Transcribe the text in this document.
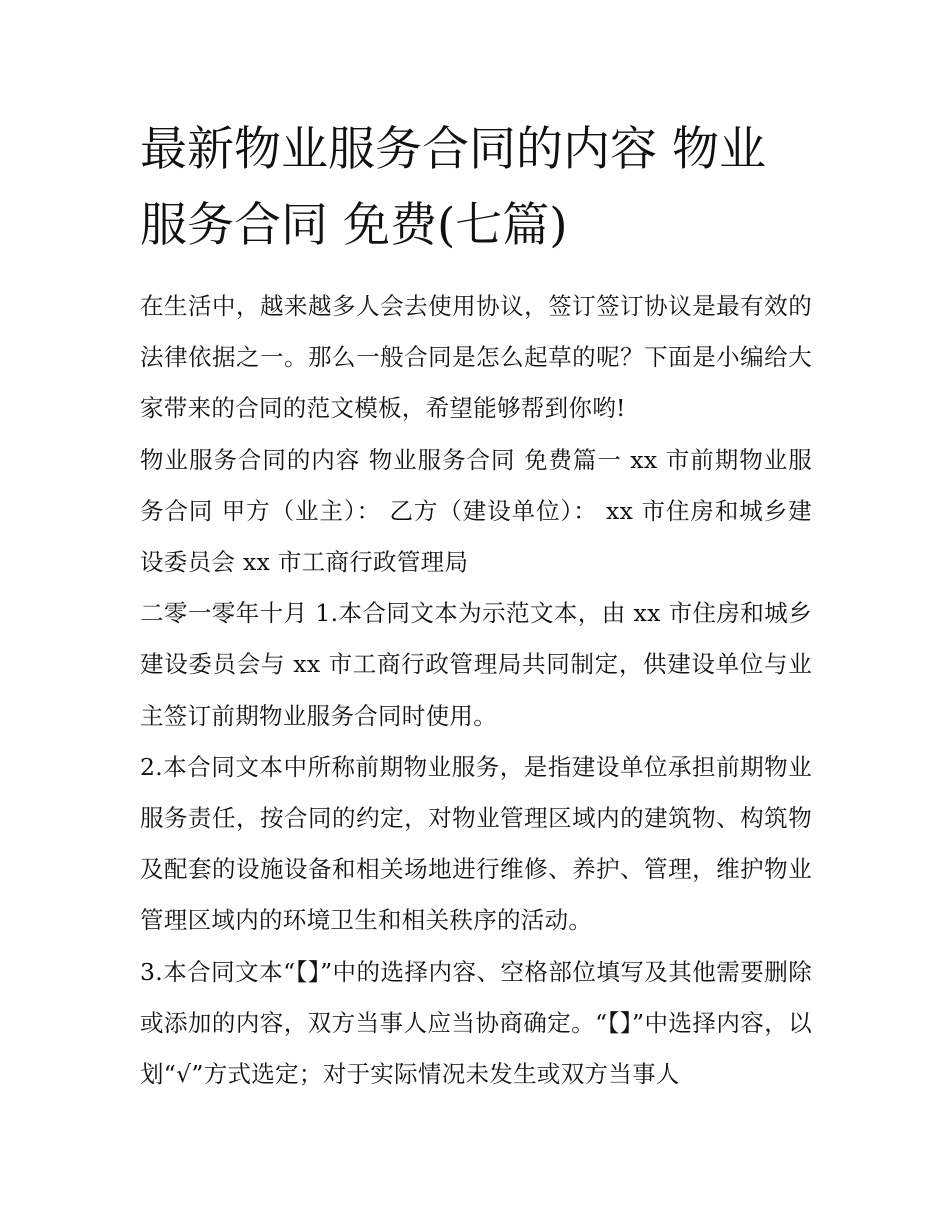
最新物业服务合同的内容 物业服务合同 免费(七篇)

在生活中，越来越多人会去使用协议，签订签订协议是最有效的法律依据之一。那么一般合同是怎么起草的呢？下面是小编给大家带来的合同的范文模板，希望能够帮到你哟!

物业服务合同的内容 物业服务合同 免费篇一 xx 市前期物业服务合同 甲方（业主）： 乙方（建设单位）： xx 市住房和城乡建设委员会 xx 市工商行政管理局

二零一零年十月 1.本合同文本为示范文本，由 xx 市住房和城乡建设委员会与 xx 市工商行政管理局共同制定，供建设单位与业主签订前期物业服务合同时使用。

2.本合同文本中所称前期物业服务，是指建设单位承担前期物业服务责任，按合同的约定，对物业管理区域内的建筑物、构筑物及配套的设施设备和相关场地进行维修、养护、管理，维护物业管理区域内的环境卫生和相关秩序的活动。

3.本合同文本“【】”中的选择内容、空格部位填写及其他需要删除或添加的内容，双方当事人应当协商确定。“【】”中选择内容，以划“√”方式选定；对于实际情况未发生或双方当事人
